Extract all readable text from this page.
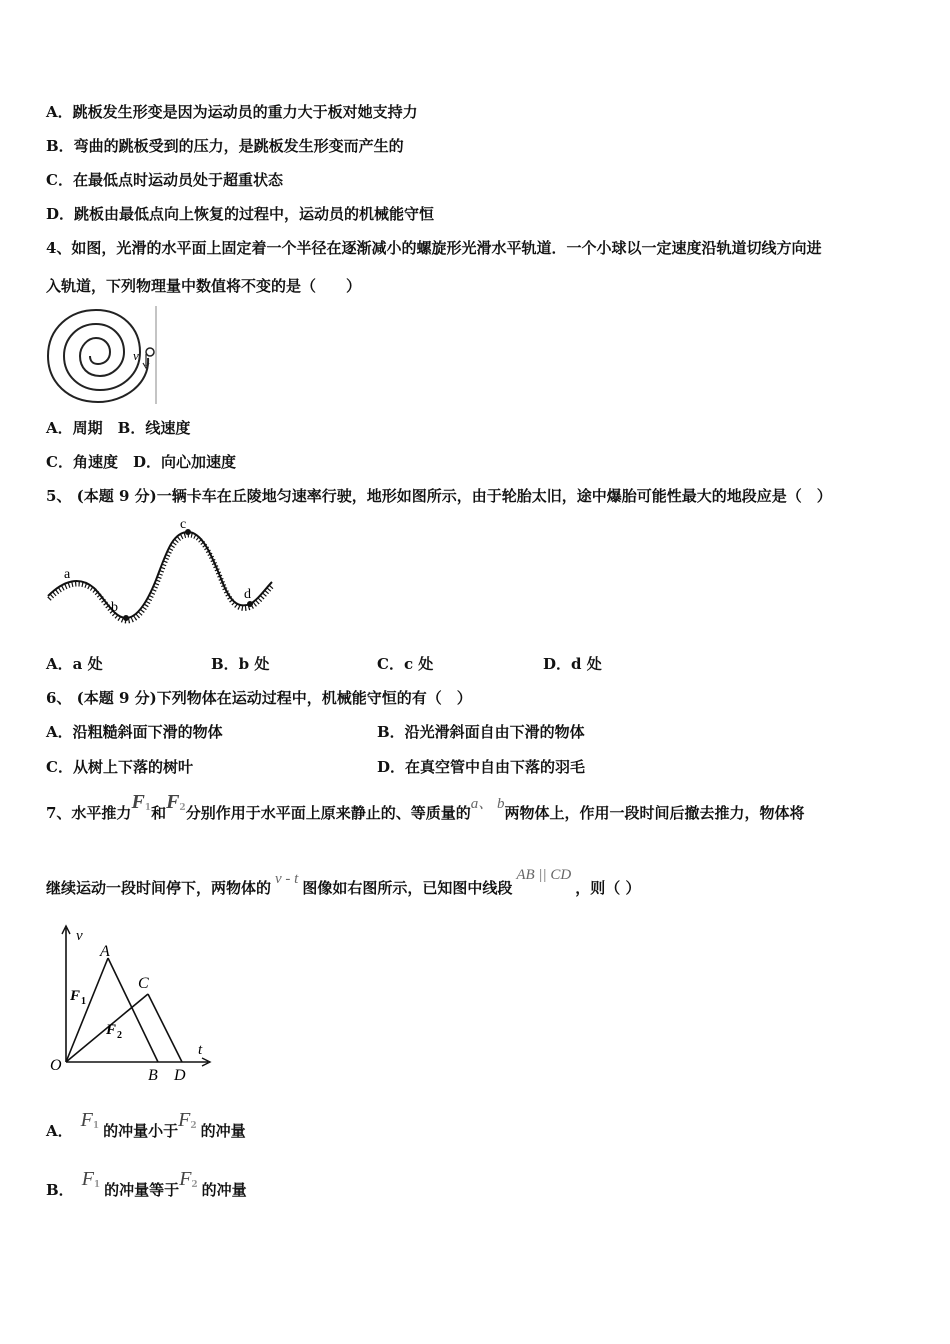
A．跳板发生形变是因为运动员的重力大于板对她支持力
B．弯曲的跳板受到的压力，是跳板发生形变而产生的
C．在最低点时运动员处于超重状态
D．跳板由最低点向上恢复的过程中，运动员的机械能守恒
4、如图，光滑的水平面上固定着一个半径在逐渐减小的螺旋形光滑水平轨道．一个小球以一定速度沿轨道切线方向进
入轨道，下列物理量中数值将不变的是（　　）
v
A．周期　B．线速度
C．角速度　D．向心加速度
5、 (本题 9 分)一辆卡车在丘陵地匀速率行驶，地形如图所示，由于轮胎太旧，途中爆胎可能性最大的地段应是（　）
a
b
c
d
A．a 处	B．b 处	C．c 处	D．d 处
6、 (本题 9 分)下列物体在运动过程中，机械能守恒的有（　）
A．沿粗糙斜面下滑的物体	B．沿光滑斜面自由下滑的物体
C．从树上下落的树叶	D．在真空管中自由下落的羽毛
7、水平推力$F^1$和$F^2$分别作用于水平面上原来静止的、等质量的a、 b两物体上，作用一段时间后撤去推力，物体将
继续运动一段时间停下，两物体的 v - t 图像如右图所示，已知图中线段AB || CD，则（ ）
v
t
O
A
B
C
D
F 1
F 2
A． $F^1$ 的冲量小于$F^2$ 的冲量
B． $F^1$ 的冲量等于$F^2$ 的冲量
